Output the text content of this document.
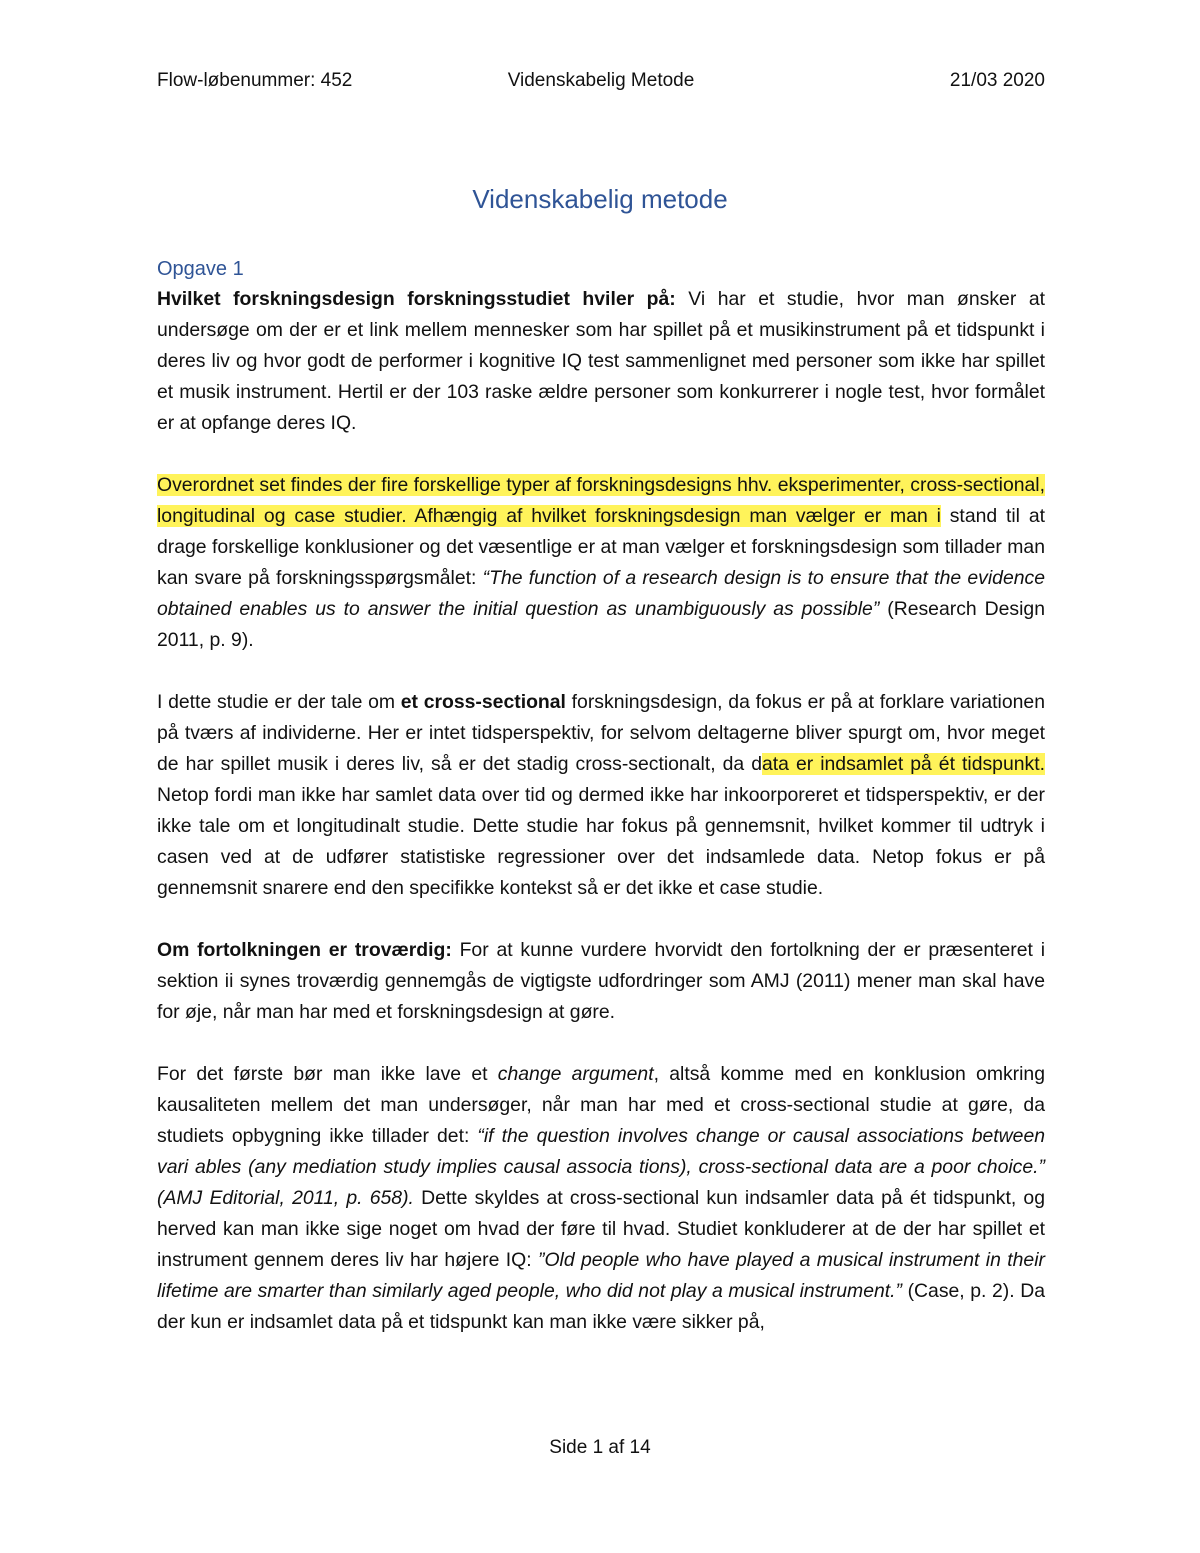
Flow-løbenummer: 452	Videnskabelig Metode	21/03 2020
Videnskabelig metode
Opgave 1

Hvilket forskningsdesign forskningsstudiet hviler på: Vi har et studie, hvor man ønsker at undersøge om der er et link mellem mennesker som har spillet på et musikinstrument på et tidspunkt i deres liv og hvor godt de performer i kognitive IQ test sammenlignet med personer som ikke har spillet et musik instrument. Hertil er der 103 raske ældre personer som konkurrerer i nogle test, hvor formålet er at opfange deres IQ.

Overordnet set findes der fire forskellige typer af forskningsdesigns hhv. eksperimenter, cross-sectional, longitudinal og case studier. Afhængig af hvilket forskningsdesign man vælger er man i stand til at drage forskellige konklusioner og det væsentlige er at man vælger et forskningsdesign som tillader man kan svare på forskningsspørgsmålet: “The function of a research design is to ensure that the evidence obtained enables us to answer the initial question as unambiguously as possible” (Research Design 2011, p. 9).

I dette studie er der tale om et cross-sectional forskningsdesign, da fokus er på at forklare variationen på tværs af individerne. Her er intet tidsperspektiv, for selvom deltagerne bliver spurgt om, hvor meget de har spillet musik i deres liv, så er det stadig cross-sectionalt, da data er indsamlet på ét tidspunkt. Netop fordi man ikke har samlet data over tid og dermed ikke har inkoorporeret et tidsperspektiv, er der ikke tale om et longitudinalt studie. Dette studie har fokus på gennemsnit, hvilket kommer til udtryk i casen ved at de udfører statistiske regressioner over det indsamlede data. Netop fokus er på gennemsnit snarere end den specifikke kontekst så er det ikke et case studie.

Om fortolkningen er troværdig: For at kunne vurdere hvorvidt den fortolkning der er præsenteret i sektion ii synes troværdig gennemgås de vigtigste udfordringer som AMJ (2011) mener man skal have for øje, når man har med et forskningsdesign at gøre.

For det første bør man ikke lave et change argument, altså komme med en konklusion omkring kausaliteten mellem det man undersøger, når man har med et cross-sectional studie at gøre, da studiets opbygning ikke tillader det: “if the question involves change or causal associations between vari ables (any mediation study implies causal associa tions), cross-sectional data are a poor choice.” (AMJ Editorial, 2011, p. 658). Dette skyldes at cross-sectional kun indsamler data på ét tidspunkt, og herved kan man ikke sige noget om hvad der føre til hvad. Studiet konkluderer at de der har spillet et instrument gennem deres liv har højere IQ: ”Old people who have played a musical instrument in their lifetime are smarter than similarly aged people, who did not play a musical instrument.” (Case, p. 2). Da der kun er indsamlet data på et tidspunkt kan man ikke være sikker på,

Side 1 af 14
